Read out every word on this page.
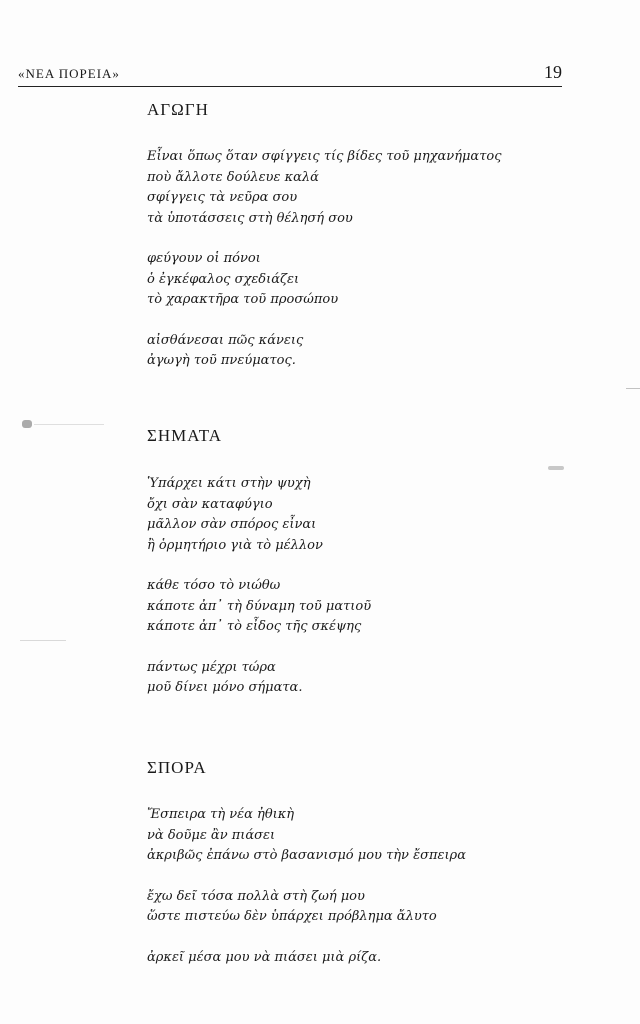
«ΝΕΑ ΠΟΡΕΙΑ»	19
ΑΓΩΓΗ
Εἶναι ὅπως ὅταν σφίγγεις τίς βίδες τοῦ μηχανήματος
ποὺ ἄλλοτε δούλευε καλά
σφίγγεις τὰ νεῦρα σου
τὰ ὑποτάσσεις στὴ θέλησή σου
φεύγουν οἱ πόνοι
ὁ ἐγκέφαλος σχεδιάζει
τὸ χαρακτῆρα τοῦ προσώπου
αἰσθάνεσαι πῶς κάνεις
ἀγωγὴ τοῦ πνεύματος.
ΣΗΜΑΤΑ
Ὑπάρχει κάτι στὴν ψυχὴ
ὄχι σὰν καταφύγιο
μᾶλλον σὰν σπόρος εἶναι
ἢ ὁρμητήριο γιὰ τὸ μέλλον
κάθε τόσο τὸ νιώθω
κάποτε ἀπ᾽ τὴ δύναμη τοῦ ματιοῦ
κάποτε ἀπ᾽ τὸ εἶδος τῆς σκέψης
πάντως μέχρι τώρα
μοῦ δίνει μόνο σήματα.
ΣΠΟΡΑ
Ἔσπειρα τὴ νέα ἠθικὴ
νὰ δοῦμε ἂν πιάσει
ἀκριβῶς ἐπάνω στὸ βασανισμό μου τὴν ἔσπειρα
ἔχω δεῖ τόσα πολλὰ στὴ ζωή μου
ὥστε πιστεύω δὲν ὑπάρχει πρόβλημα ἄλυτο
ἀρκεῖ μέσα μου νὰ πιάσει μιὰ ρίζα.
